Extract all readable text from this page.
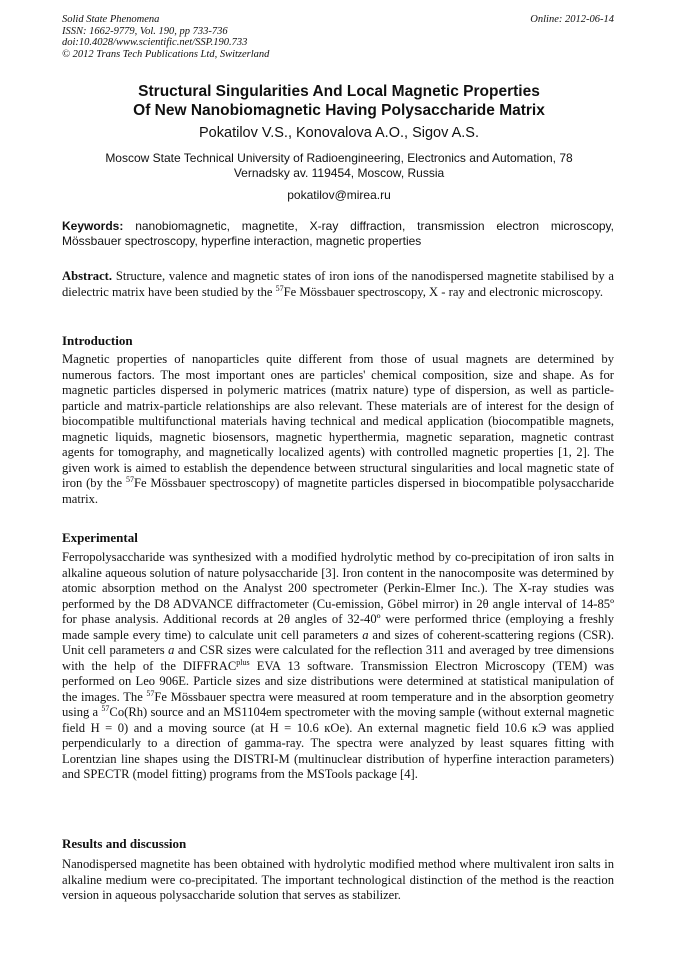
Solid State Phenomena
ISSN: 1662-9779, Vol. 190, pp 733-736
doi:10.4028/www.scientific.net/SSP.190.733
© 2012 Trans Tech Publications Ltd, Switzerland
Online: 2012-06-14
Structural Singularities And Local Magnetic Properties
Of New Nanobiomagnetic Having Polysaccharide Matrix
Pokatilov V.S., Konovalova A.O., Sigov A.S.
Moscow State Technical University of Radioengineering, Electronics and Automation, 78 Vernadsky av. 119454, Moscow, Russia
pokatilov@mirea.ru
Keywords: nanobiomagnetic, magnetite, X-ray diffraction, transmission electron microscopy, Mössbauer spectroscopy, hyperfine interaction, magnetic properties
Abstract. Structure, valence and magnetic states of iron ions of the nanodispersed magnetite stabilised by a dielectric matrix have been studied by the $^{57}$Fe Mössbauer spectroscopy, X - ray and electronic microscopy.
Introduction
Magnetic properties of nanoparticles quite different from those of usual magnets are determined by numerous factors. The most important ones are particles' chemical composition, size and shape. As for magnetic particles dispersed in polymeric matrices (matrix nature) type of dispersion, as well as particle-particle and matrix-particle relationships are also relevant. These materials are of interest for the design of biocompatible multifunctional materials having technical and medical application (biocompatible magnets, magnetic liquids, magnetic biosensors, magnetic hyperthermia, magnetic separation, magnetic contrast agents for tomography, and magnetically localized agents) with controlled magnetic properties [1, 2]. The given work is aimed to establish the dependence between structural singularities and local magnetic state of iron (by the $^{57}$Fe Mössbauer spectroscopy) of magnetite particles dispersed in biocompatible polysaccharide matrix.
Experimental
Ferropolysaccharide was synthesized with a modified hydrolytic method by co-precipitation of iron salts in alkaline aqueous solution of nature polysaccharide [3]. Iron content in the nanocomposite was determined by atomic absorption method on the Analyst 200 spectrometer (Perkin-Elmer Inc.). The X-ray studies was performed by the D8 ADVANCE diffractometer (Cu-emission, Göbel mirror) in 2θ angle interval of 14-85º for phase analysis. Additional records at 2θ angles of 32-40º were performed thrice (employing a freshly made sample every time) to calculate unit cell parameters a and sizes of coherent-scattering regions (CSR). Unit cell parameters a and CSR sizes were calculated for the reflection 311 and averaged by tree dimensions with the help of the $DIFFRAC^{plus}$ EVA 13 software. Transmission Electron Microscopy (TEM) was performed on Leo 906E. Particle sizes and size distributions were determined at statistical manipulation of the images. The $^{57}$Fe Mössbauer spectra were measured at room temperature and in the absorption geometry using a $^{57}$Co(Rh) source and an MS1104em spectrometer with the moving sample (without external magnetic field H = 0) and a moving source (at H = 10.6 кOe). An external magnetic field 10.6 кЭ was applied perpendicularly to a direction of gamma-ray. The spectra were analyzed by least squares fitting with Lorentzian line shapes using the DISTRI-M (multinuclear distribution of hyperfine interaction parameters) and SPECTR (model fitting) programs from the MSTools package [4].
Results and discussion
Nanodispersed magnetite has been obtained with hydrolytic modified method where multivalent iron salts in alkaline medium were co-precipitated. The important technological distinction of the method is the reaction version in aqueous polysaccharide solution that serves as stabilizer.
